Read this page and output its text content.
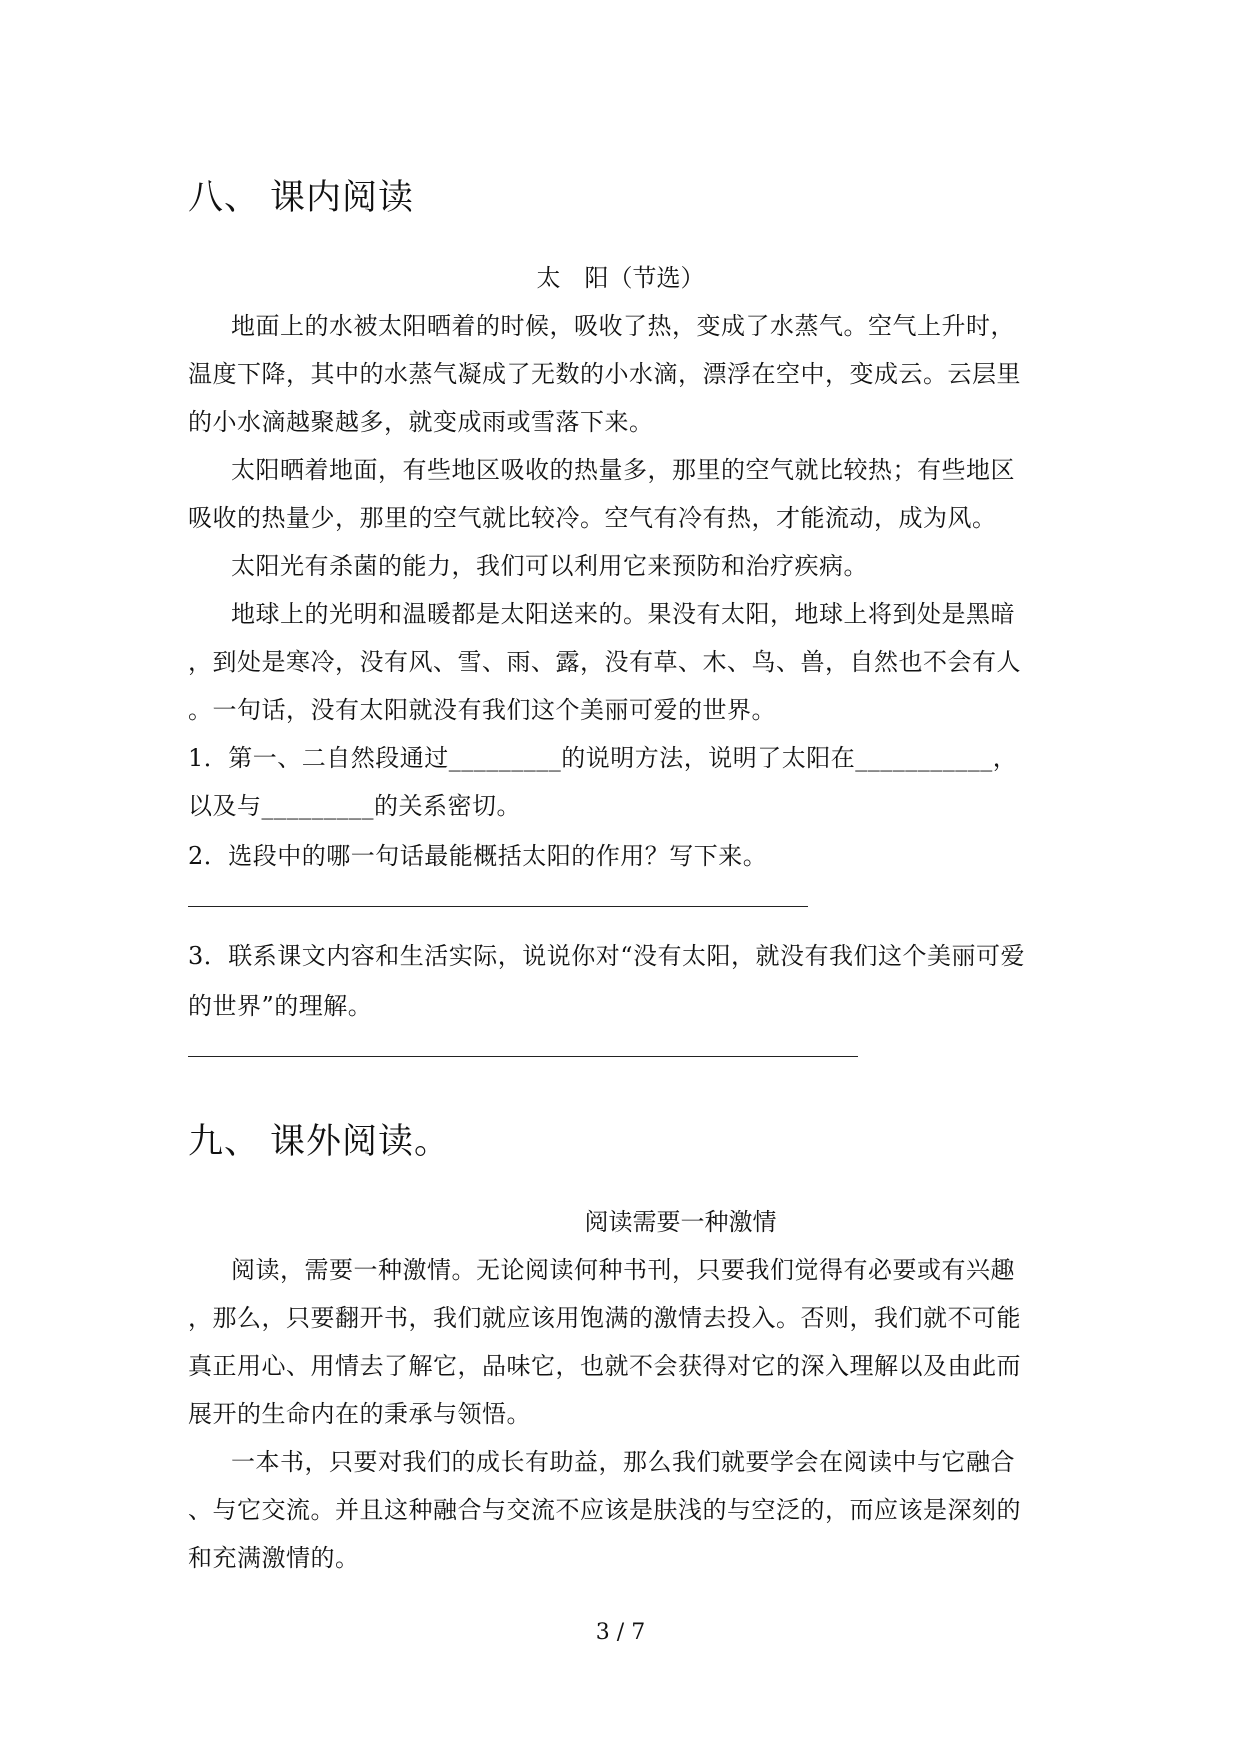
八、 课内阅读
太　阳（节选）
地面上的水被太阳晒着的时候，吸收了热，变成了水蒸气。空气上升时，
温度下降，其中的水蒸气凝成了无数的小水滴，漂浮在空中，变成云。云层里
的小水滴越聚越多，就变成雨或雪落下来。
太阳晒着地面，有些地区吸收的热量多，那里的空气就比较热；有些地区
吸收的热量少，那里的空气就比较冷。空气有冷有热，才能流动，成为风。
太阳光有杀菌的能力，我们可以利用它来预防和治疗疾病。
地球上的光明和温暖都是太阳送来的。果没有太阳，地球上将到处是黑暗
，到处是寒冷，没有风、雪、雨、露，没有草、木、鸟、兽，自然也不会有人
。一句话，没有太阳就没有我们这个美丽可爱的世界。
1．第一、二自然段通过_________的说明方法，说明了太阳在___________，
以及与_________的关系密切。
2．选段中的哪一句话最能概括太阳的作用？写下来。
3．联系课文内容和生活实际，说说你对“没有太阳，就没有我们这个美丽可爱
的世界”的理解。
九、 课外阅读。
阅读需要一种激情
阅读，需要一种激情。无论阅读何种书刊，只要我们觉得有必要或有兴趣
，那么，只要翻开书，我们就应该用饱满的激情去投入。否则，我们就不可能
真正用心、用情去了解它，品味它，也就不会获得对它的深入理解以及由此而
展开的生命内在的秉承与领悟。
一本书，只要对我们的成长有助益，那么我们就要学会在阅读中与它融合
、与它交流。并且这种融合与交流不应该是肤浅的与空泛的，而应该是深刻的
和充满激情的。
3 / 7
